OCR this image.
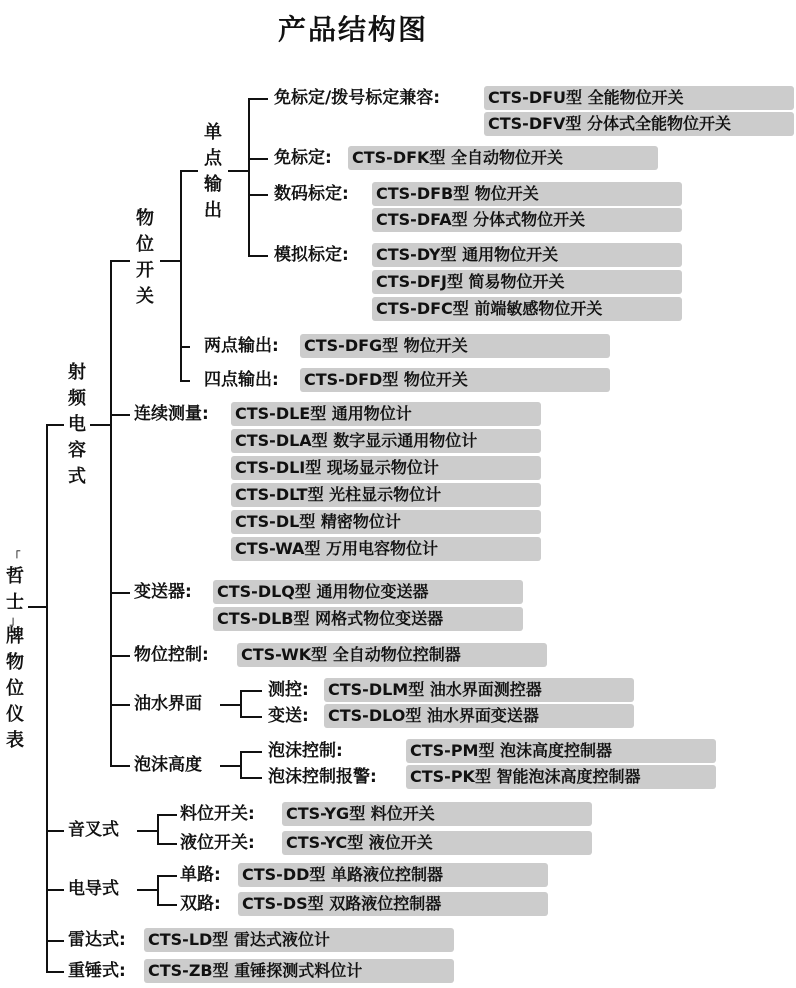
产品结构图
「
哲士
」
牌物位仪表
射频电容式
物位开关
单点输出
免标定/拨号标定兼容:	CTS-DFU型 全能物位开关
CTS-DFV型 分体式全能物位开关
免标定: CTS-DFK型 全自动物位开关
数码标定: CTS-DFB型 物位开关
CTS-DFA型 分体式物位开关
模拟标定: CTS-DY型 通用物位开关
CTS-DFJ型 简易物位开关
CTS-DFC型 前端敏感物位开关
两点输出: CTS-DFG型 物位开关
四点输出: CTS-DFD型 物位开关
连续测量: CTS-DLE型 通用物位计
CTS-DLA型 数字显示通用物位计
CTS-DLI型 现场显示物位计
CTS-DLT型 光柱显示物位计
CTS-DL型 精密物位计
CTS-WA型 万用电容物位计
变送器: CTS-DLQ型 通用物位变送器
CTS-DLB型 网格式物位变送器
物位控制: CTS-WK型 全自动物位控制器
油水界面
测控: CTS-DLM型 油水界面测控器
变送: CTS-DLO型 油水界面变送器
泡沫高度
泡沫控制:	CTS-PM型 泡沫高度控制器
泡沫控制报警: CTS-PK型 智能泡沫高度控制器
音叉式
料位开关: CTS-YG型 料位开关
液位开关: CTS-YC型 液位开关
电导式
单路: CTS-DD型 单路液位控制器
双路: CTS-DS型 双路液位控制器
雷达式: CTS-LD型 雷达式液位计
重锤式: CTS-ZB型 重锤探测式料位计
